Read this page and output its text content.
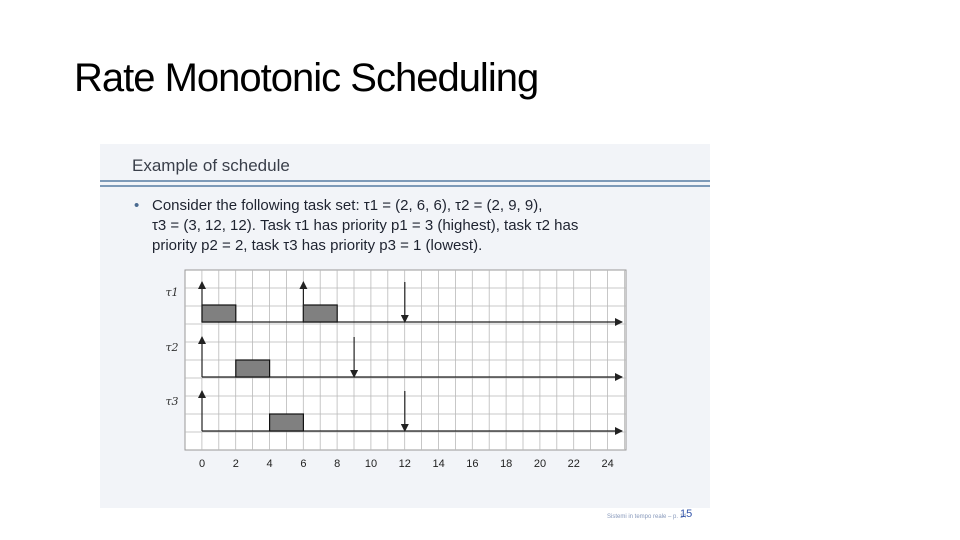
Rate Monotonic Scheduling
Example of schedule
• Consider the following task set: τ1 = (2, 6, 6), τ2 = (2, 9, 9),
τ3 = (3, 12, 12). Task τ1 has priority p1 = 3 (highest), task τ2 has
priority p2 = 2, task τ3 has priority p3 = 1 (lowest).
τ1
τ2
τ3
0	2	4	6	8 10 12 14 16 18 20 22 24
Sistemi in tempo reale – p. 14
15
